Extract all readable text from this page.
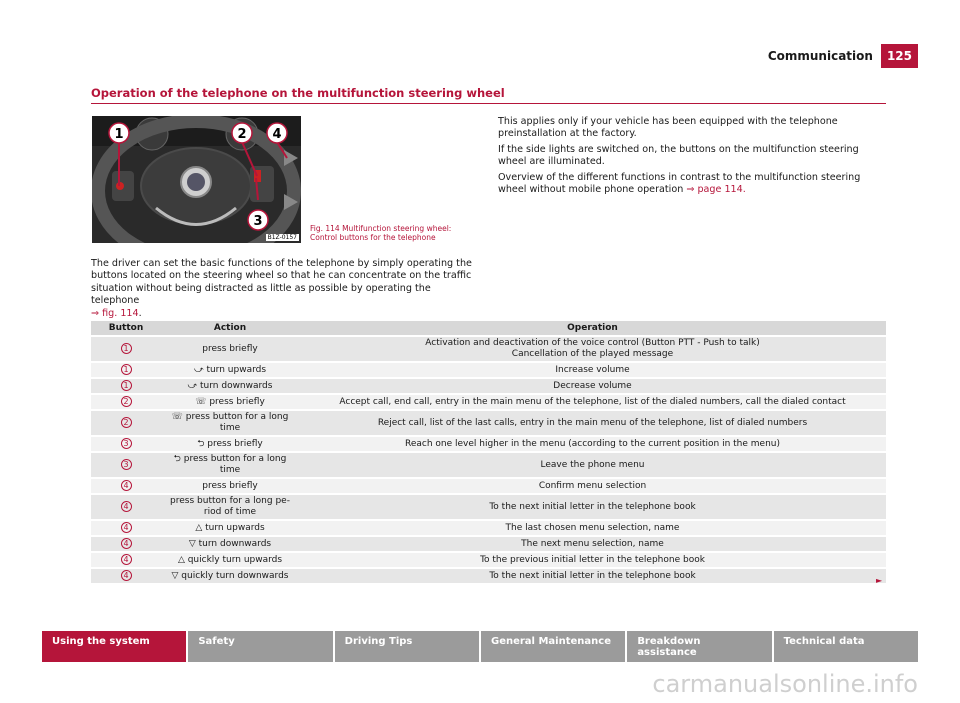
Communication	125
Operation of the telephone on the multifunction steering wheel
1	2 4
3
B1Z-0157
Fig. 114 Multifunction steering wheel:
Control buttons for the telephone
The driver can set the basic functions of the telephone by simply operating the buttons located on the steering wheel so that he can concentrate on the traffic situation without being distracted as little as possible by operating the telephone
⇒ fig. 114.

This applies only if your vehicle has been equipped with the telephone preinstallation at the factory.

If the side lights are switched on, the buttons on the multifunction steering wheel are illuminated.

Overview of the different functions in contrast to the multifunction steering wheel without mobile phone operation ⇒ page 114.

Button	Action	Operation
1	press briefly	Activation and deactivation of the voice control (Button PTT - Push to talk)
Cancellation of the played message
1	⤻ turn upwards	Increase volume
1	⤻ turn downwards	Decrease volume
2	☏ press briefly	Accept call, end call, entry in the main menu of the telephone, list of the dialed numbers, call the dialed contact
2	☏ press button for a long time	Reject call, list of the last calls, entry in the main menu of the telephone, list of dialed numbers
3	⮌ press briefly	Reach one level higher in the menu (according to the current position in the menu)
3	⮌ press button for a long time	Leave the phone menu
4	press briefly	Confirm menu selection
4	press button for a long period of time	To the next initial letter in the telephone book
4	△ turn upwards	The last chosen menu selection, name
4	▽ turn downwards	The next menu selection, name
4	△ quickly turn upwards	To the previous initial letter in the telephone book
4	▽ quickly turn downwards	To the next initial letter in the telephone book	►
Using the system	Safety	Driving Tips	General Maintenance	Breakdown assistance
Technical data
carmanualsonline.info
